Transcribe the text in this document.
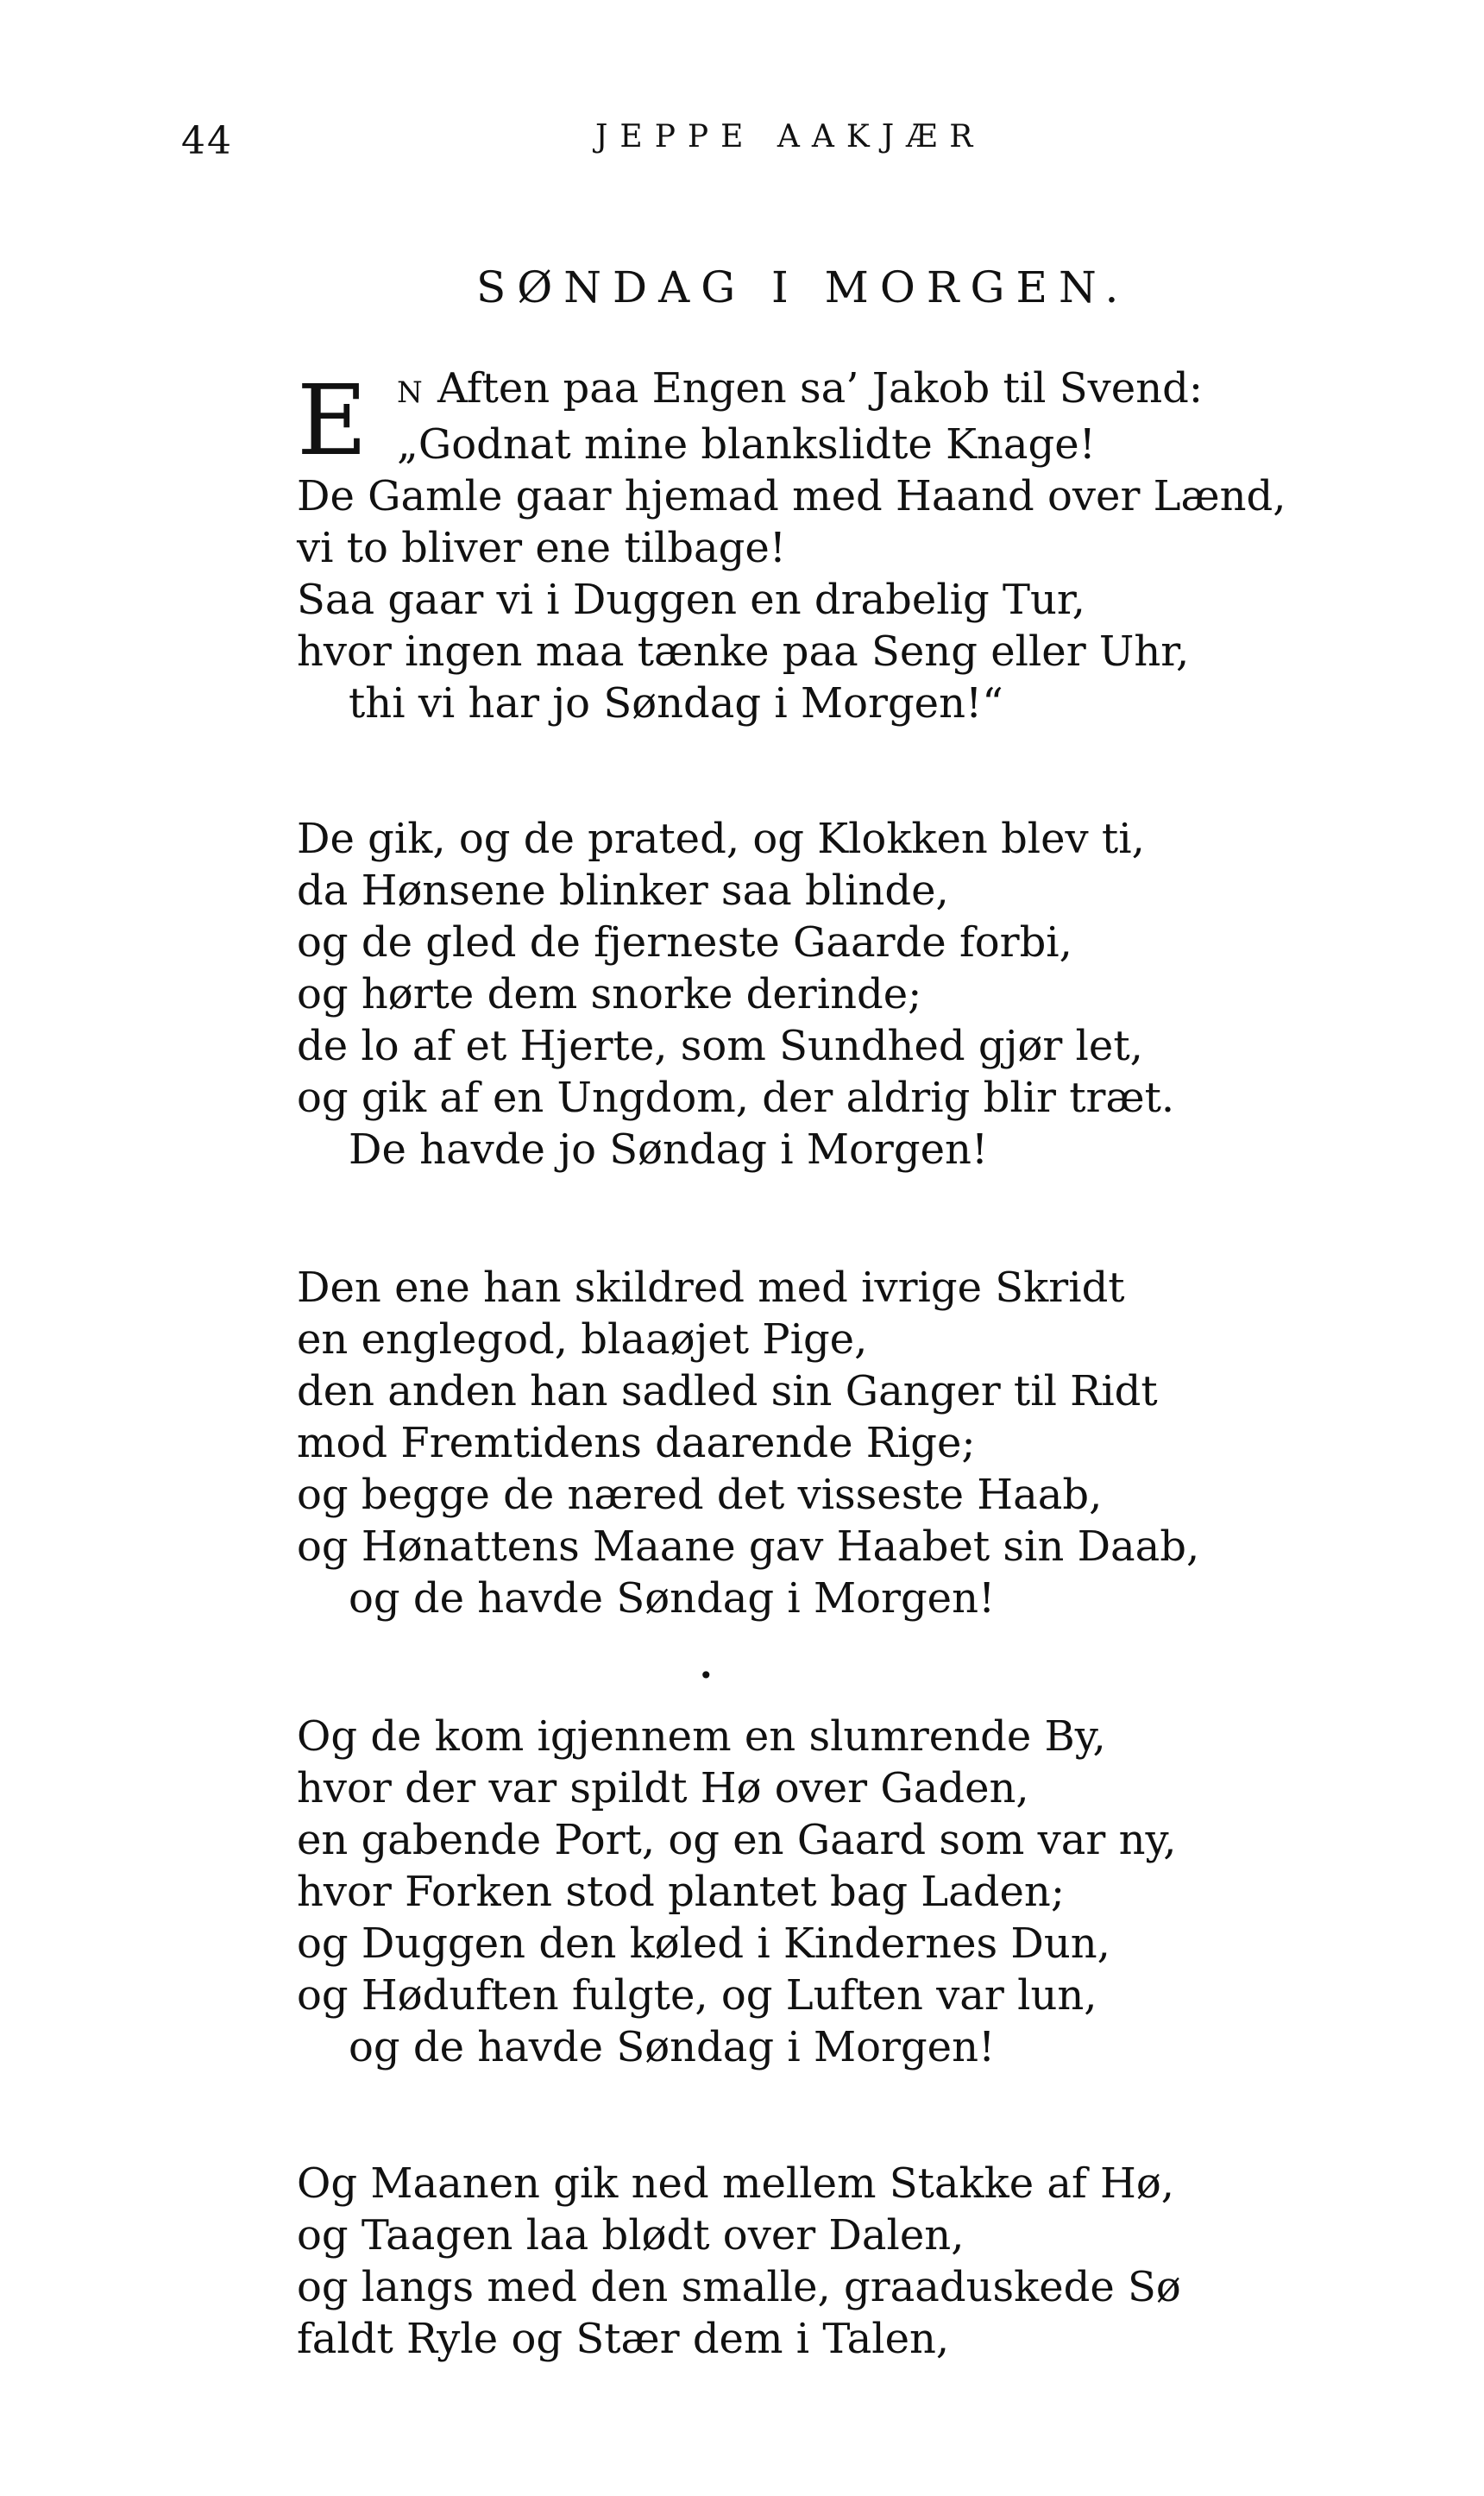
44	JEPPE AAKJÆR
SØNDAG I MORGEN.
E	N Aften paa Engen sa’ Jakob til Svend:
„Godnat mine blankslidte Knage!
De Gamle gaar hjemad med Haand over Lænd,
vi to bliver ene tilbage!
Saa gaar vi i Duggen en drabelig Tur,
hvor ingen maa tænke paa Seng eller Uhr,
thi vi har jo Søndag i Morgen!“
De gik, og de prated, og Klokken blev ti,
da Hønsene blinker saa blinde,
og de gled de fjerneste Gaarde forbi,
og hørte dem snorke derinde;
de lo af et Hjerte, som Sundhed gjør let,
og gik af en Ungdom, der aldrig blir træt.
De havde jo Søndag i Morgen!
Den ene han skildred med ivrige Skridt
en englegod, blaaøjet Pige,
den anden han sadled sin Ganger til Ridt
mod Fremtidens daarende Rige;
og begge de næred det visseste Haab,
og Hønattens Maane gav Haabet sin Daab,
og de havde Søndag i Morgen!
•
Og de kom igjennem en slumrende By,
hvor der var spildt Hø over Gaden,
en gabende Port, og en Gaard som var ny,
hvor Forken stod plantet bag Laden;
og Duggen den køled i Kindernes Dun,
og Høduften fulgte, og Luften var lun,
og de havde Søndag i Morgen!
Og Maanen gik ned mellem Stakke af Hø,
og Taagen laa blødt over Dalen,
og langs med den smalle, graaduskede Sø
faldt Ryle og Stær dem i Talen,
